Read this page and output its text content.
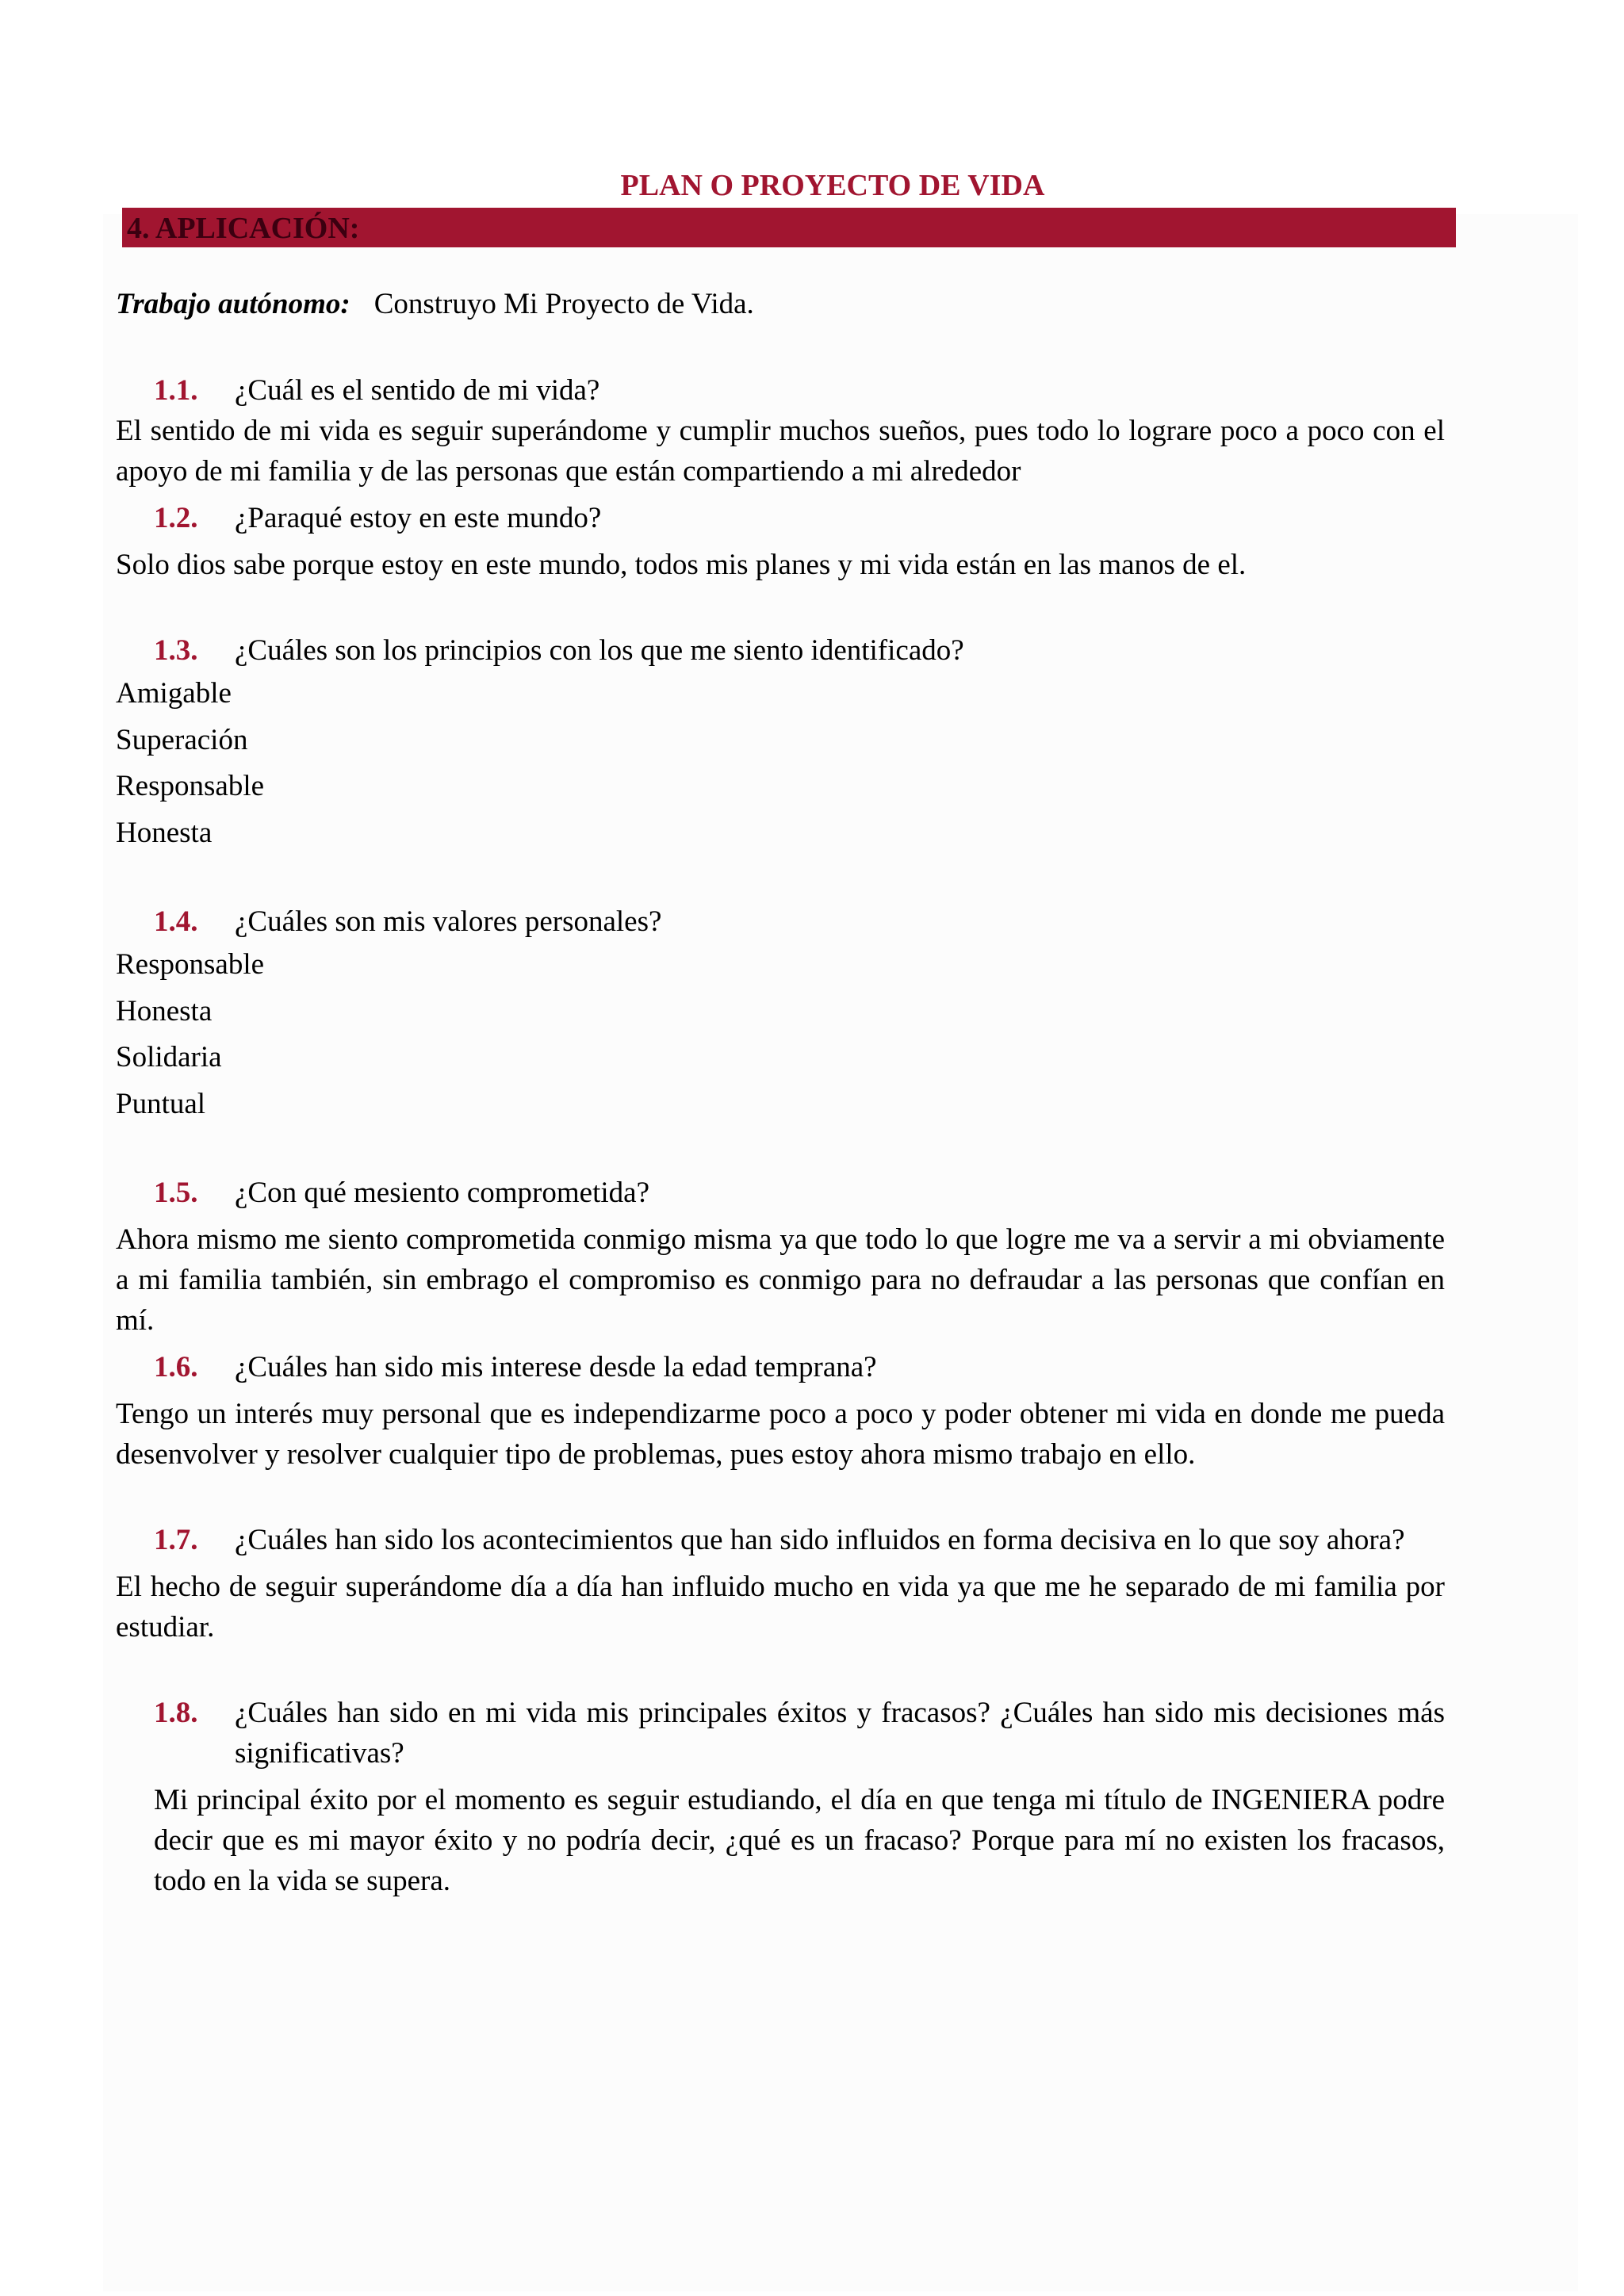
PLAN O PROYECTO DE VIDA
4. APLICACIÓN:
Trabajo autónomo: Construyo Mi Proyecto de Vida.
1.1. ¿Cuál es el sentido de mi vida?
El sentido de mi vida es seguir superándome y cumplir muchos sueños, pues todo lo lograre poco a poco con el apoyo de mi familia y de las personas que están compartiendo a mi alrededor
1.2. ¿Paraqué estoy en este mundo?
Solo dios sabe porque estoy en este mundo, todos mis planes y mi vida están en las manos de el.
1.3. ¿Cuáles son los principios con los que me siento identificado?
Amigable
Superación
Responsable
Honesta
1.4. ¿Cuáles son mis valores personales?
Responsable
Honesta
Solidaria
Puntual
1.5. ¿Con qué mesiento comprometida?
Ahora mismo me siento comprometida conmigo misma ya que todo lo que logre me va a servir a mi obviamente a mi familia también, sin embrago el compromiso es conmigo para no defraudar a las personas que confían en mí.
1.6. ¿Cuáles han sido mis interese desde la edad temprana?
Tengo un interés muy personal que es independizarme poco a poco y poder obtener mi vida en donde me pueda desenvolver y resolver cualquier tipo de problemas, pues estoy ahora mismo trabajo en ello.
1.7. ¿Cuáles han sido los acontecimientos que han sido influidos en forma decisiva en lo que soy ahora?
El hecho de seguir superándome día a día han influido mucho en vida ya que me he separado de mi familia por estudiar.
1.8. ¿Cuáles han sido en mi vida mis principales éxitos y fracasos? ¿Cuáles han sido mis decisiones más significativas?
Mi principal éxito por el momento es seguir estudiando, el día en que tenga mi título de INGENIERA podre decir que es mi mayor éxito y no podría decir, ¿qué es un fracaso? Porque para mí no existen los fracasos, todo en la vida se supera.
